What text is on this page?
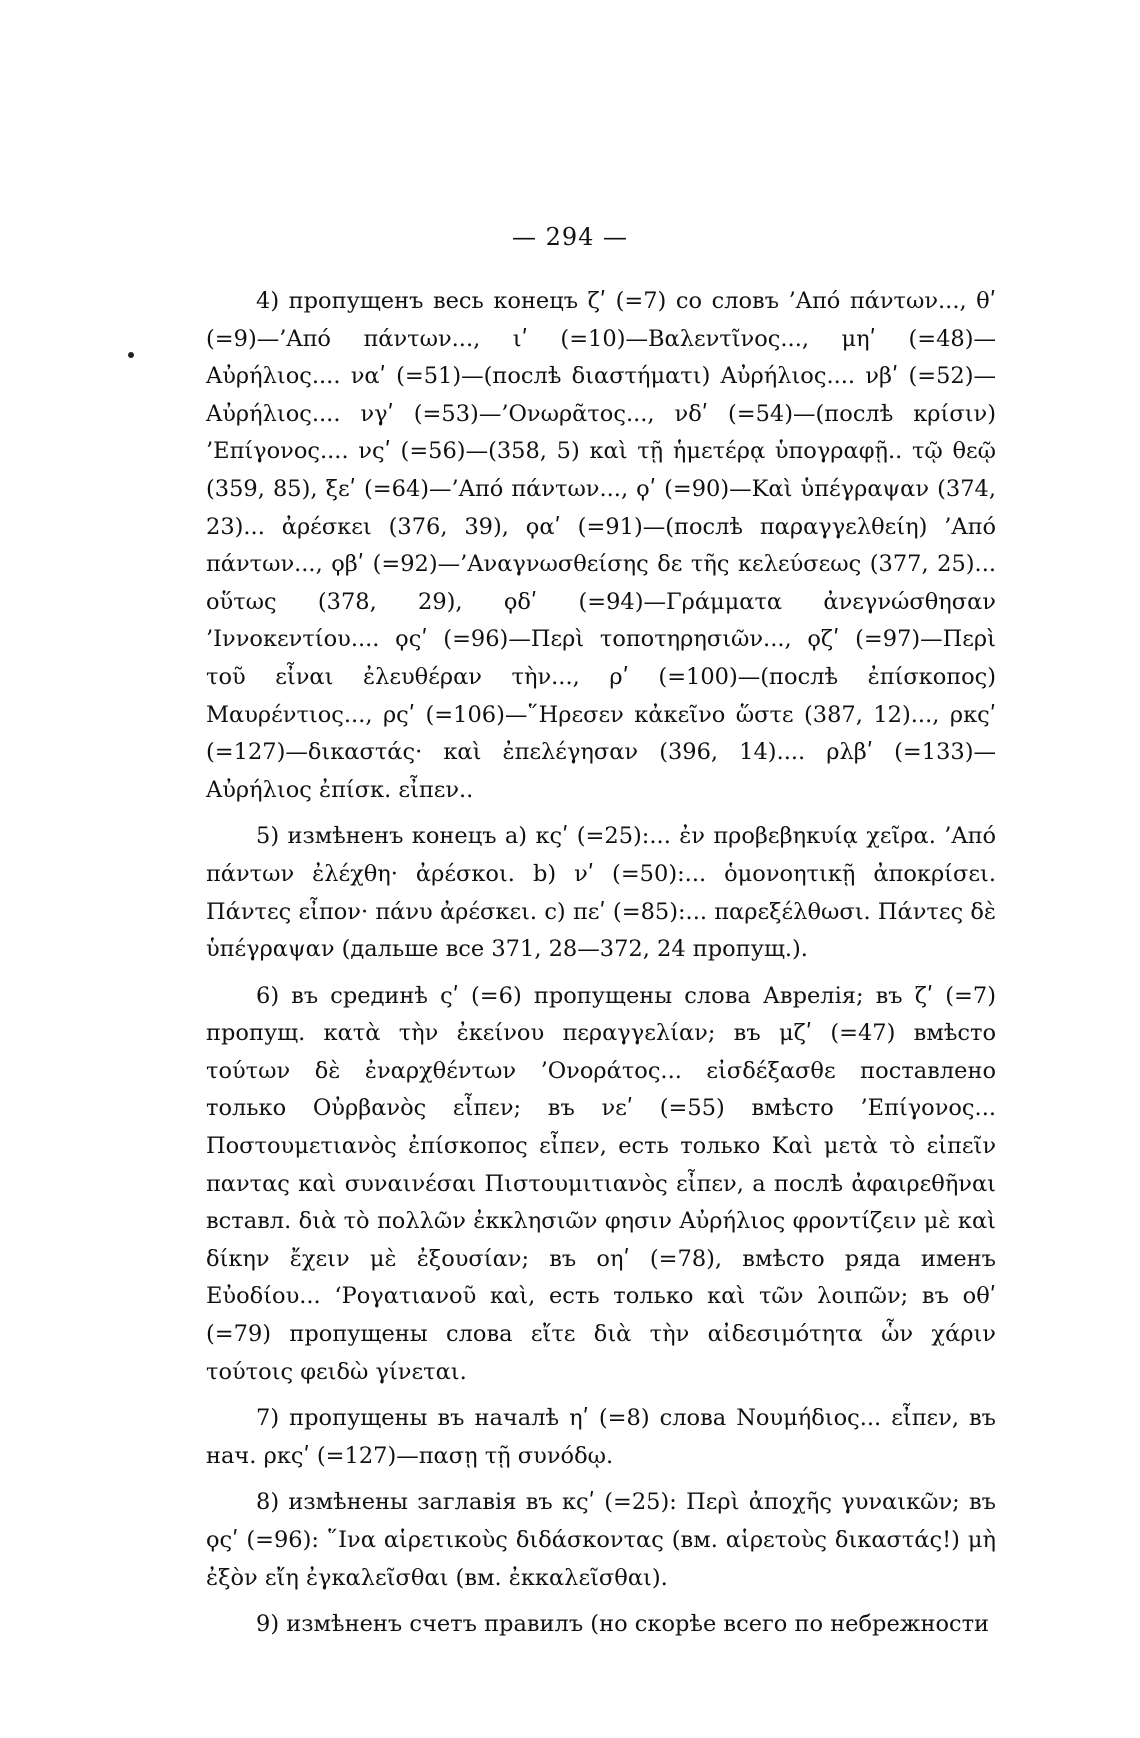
— 294 —

4) пропущенъ весь конецъ ζʹ (=7) со словъ ’Από πάντων..., θʹ (=9)—’Από πάντων..., ιʹ (=10)—Βαλεντῖνος..., μηʹ (=48)—Αὐρήλιος.... ναʹ (=51)—(послѣ διαστήματι) Αὐρήλιος.... νβʹ (=52)—Αὐρήλιος.... νγʹ (=53)—’Ονωρᾶτος..., νδʹ (=54)—(послѣ κρίσιν) ’Επίγονος.... νςʹ (=56)—(358, 5) καὶ τῇ ἡμετέρᾳ ὑπογραφῇ.. τῷ θεῷ (359, 85), ξεʹ (=64)—’Από πάντων..., ϙʹ (=90)—Καὶ ὑπέγραψαν (374, 23)... ἀρέσκει (376, 39), ϙαʹ (=91)—(послѣ παραγγελθείη) ’Από πάντων..., ϙβʹ (=92)—’Αναγνωσθείσης δε τῆς κελεύσεως (377, 25)... οὕτως (378, 29), ϙδʹ (=94)—Γράμματα ἀνεγνώσθησαν ’Ιννοκεντίου.... ϙςʹ (=96)—Περὶ τοποτηρησιῶν..., ϙζʹ (=97)—Περὶ τοῦ εἶναι ἐλευθέραν τὴν..., ρʹ (=100)—(послѣ ἐπίσκοπος) Μαυρέντιος..., ρςʹ (=106)—῞Ηρεσεν κἀκεῖνο ὥστε (387, 12)..., ρκςʹ (=127)—δικαστάς· καὶ ἐπελέγησαν (396, 14).... ρλβʹ (=133)—Αὐρήλιος ἐπίσκ. εἶπεν..

5) измѣненъ конецъ a) κςʹ (=25):... ἐν προβεβηκυίᾳ χεῖρα. ’Από πάντων ἐλέχθη· ἀρέσκοι. b) νʹ (=50):... ὁμονοητικῇ ἀποκρίσει. Πάντες εἶπον· πάνυ ἀρέσκει. c) πεʹ (=85):... παρεξέλθωσι. Πάντες δὲ ὑπέγραψαν (дальше все 371, 28—372, 24 пропущ.).

6) въ срединѣ ςʹ (=6) пропущены слова Авpелія; въ ζʹ (=7) пропущ. κατὰ τὴν ἐκείνου περαγγελίαν; въ μζʹ (=47) вмѣсто τούτων δὲ ἐναρχθέντων ’Ονοράτος... εἰσδέξασθε поставлено только Οὐρβανὸς εἶπεν; въ νεʹ (=55) вмѣсто ’Επίγονος... Ποστουμετιανὸς ἐπίσκοπος εἶπεν, есть только Καὶ μετὰ τὸ εἰπεῖν παντας καὶ συναινέσαι Πιστουμιτιανὸς εἶπεν, а послѣ ἀφαιρεθῆναι вставл. διὰ τὸ πολλῶν ἐκκλησιῶν φησιν Αὐρήλιος φροντίζειν μὲ καὶ δίκην ἔχειν μὲ ἐξουσίαν; въ οηʹ (=78), вмѣсто ряда именъ Εὐοδίου... ‘Ρογατιανοῦ καὶ, есть только καὶ τῶν λοιπῶν; въ οθʹ (=79) пропущены слова εἴτε διὰ τὴν αἰδεσιμότητα ὧν χάριν τούτοις φειδὼ γίνεται.

7) пропущены въ началѣ ηʹ (=8) слова Νουμήδιος... εἶπεν, въ нач. ρκςʹ (=127)—πασῃ τῇ συνόδῳ.

8) измѣнены заглавія въ κςʹ (=25): Περὶ ἀποχῆς γυναικῶν; въ ϙςʹ (=96): ῞Ινα αἱρετικοὺς διδάσκοντας (вм. αἱρετοὺς δικαστάς!) μὴ ἐξὸν εἴη ἐγκαλεῖσθαι (вм. ἐκκαλεῖσθαι).

9) измѣненъ счетъ правилъ (но скорѣе всего по небрежности
